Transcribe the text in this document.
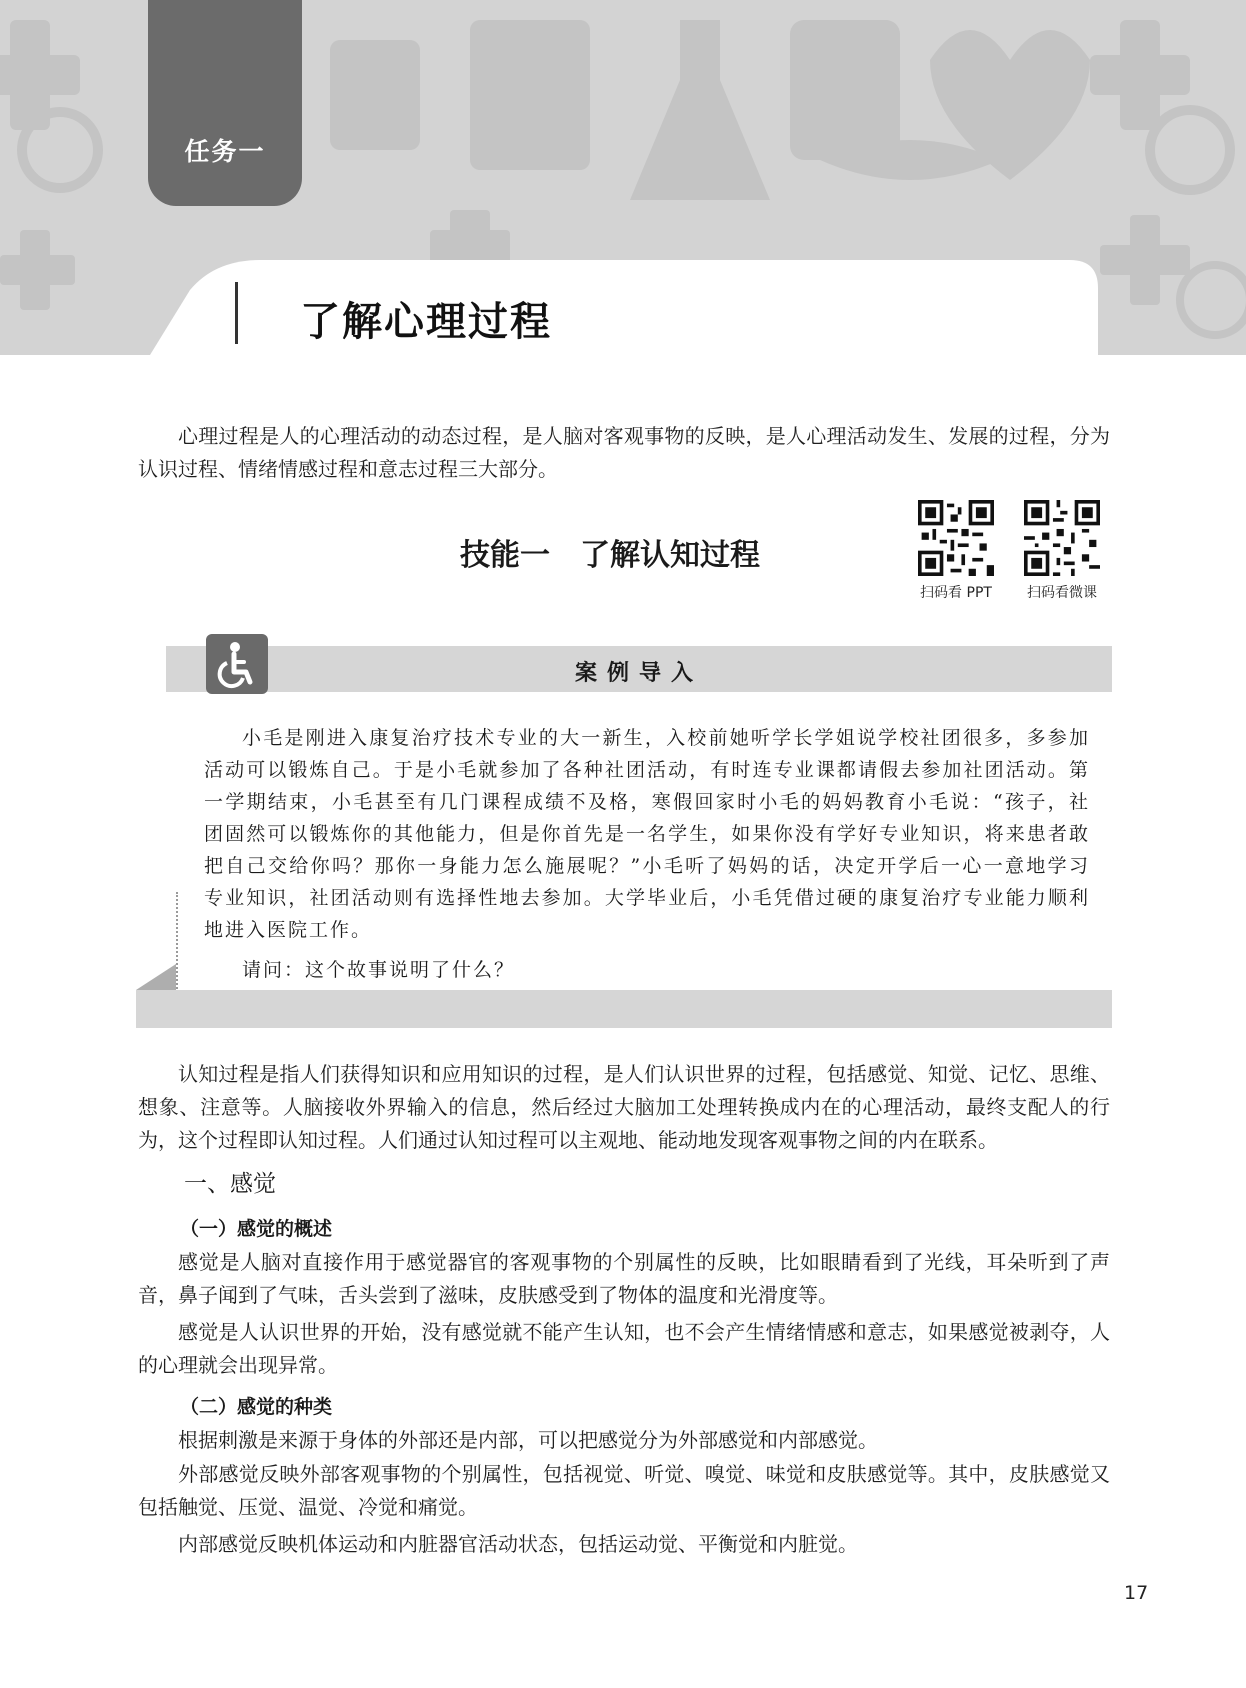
任务一
了解心理过程

心理过程是人的心理活动的动态过程，是人脑对客观事物的反映，是人心理活动发生、发展的过程，分为认识过程、情绪情感过程和意志过程三大部分。

技能一　了解认知过程
扫码看 PPT	扫码看微课
案例导入

小毛是刚进入康复治疗技术专业的大一新生，入校前她听学长学姐说学校社团很多，多参加活动可以锻炼自己。于是小毛就参加了各种社团活动，有时连专业课都请假去参加社团活动。第一学期结束，小毛甚至有几门课程成绩不及格，寒假回家时小毛的妈妈教育小毛说：“孩子，社团固然可以锻炼你的其他能力，但是你首先是一名学生，如果你没有学好专业知识，将来患者敢把自己交给你吗？那你一身能力怎么施展呢？”小毛听了妈妈的话，决定开学后一心一意地学习专业知识，社团活动则有选择性地去参加。大学毕业后，小毛凭借过硬的康复治疗专业能力顺利地进入医院工作。

请问：这个故事说明了什么？

认知过程是指人们获得知识和应用知识的过程，是人们认识世界的过程，包括感觉、知觉、记忆、思维、想象、注意等。人脑接收外界输入的信息，然后经过大脑加工处理转换成内在的心理活动，最终支配人的行为，这个过程即认知过程。人们通过认知过程可以主观地、能动地发现客观事物之间的内在联系。

一、感觉
（一）感觉的概述

感觉是人脑对直接作用于感觉器官的客观事物的个别属性的反映，比如眼睛看到了光线，耳朵听到了声音，鼻子闻到了气味，舌头尝到了滋味，皮肤感受到了物体的温度和光滑度等。

感觉是人认识世界的开始，没有感觉就不能产生认知，也不会产生情绪情感和意志，如果感觉被剥夺，人的心理就会出现异常。

（二）感觉的种类

根据刺激是来源于身体的外部还是内部，可以把感觉分为外部感觉和内部感觉。

外部感觉反映外部客观事物的个别属性，包括视觉、听觉、嗅觉、味觉和皮肤感觉等。其中，皮肤感觉又包括触觉、压觉、温觉、冷觉和痛觉。

内部感觉反映机体运动和内脏器官活动状态，包括运动觉、平衡觉和内脏觉。

17
